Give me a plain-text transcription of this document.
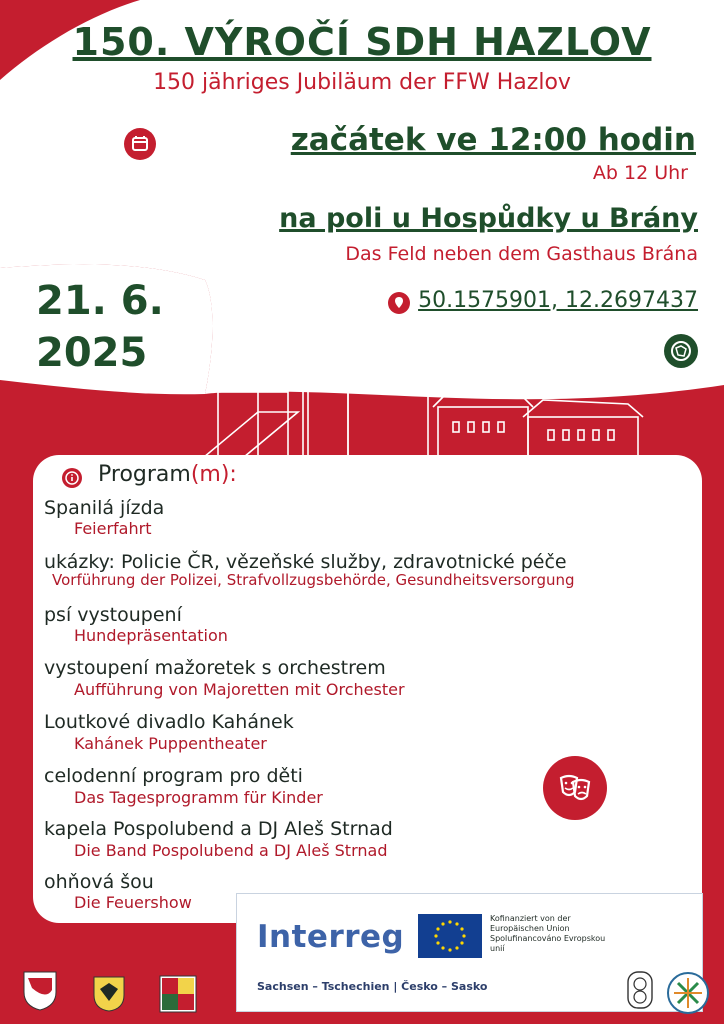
150. VÝROČÍ SDH HAZLOV
150 jähriges Jubiläum der FFW Hazlov
začátek ve 12:00 hodin
Ab 12 Uhr
na poli u Hospůdky u Brány
Das Feld neben dem Gasthaus Brána
21. 6.
2025
50.1575901, 12.2697437
Program(m):
Spanilá jízda
Feierfahrt
ukázky: Policie ČR, vězeňské služby, zdravotnické péče
Vorführung der Polizei, Strafvollzugsbehörde, Gesundheitsversorgung
psí vystoupení
Hundepräsentation
vystoupení mažoretek s orchestrem
Aufführung von Majoretten mit Orchester
Loutkové divadlo Kahánek
Kahánek Puppentheater
celodenní program pro děti
Das Tagesprogramm für Kinder
kapela Pospolubend a DJ Aleš Strnad
Die Band Pospolubend a DJ Aleš Strnad
ohňová šou
Die Feuershow
Interreg
Kofinanziert von der Europäischen Union Spolufinancováno Evropskou unií
Sachsen – Tschechien | Česko – Sasko
